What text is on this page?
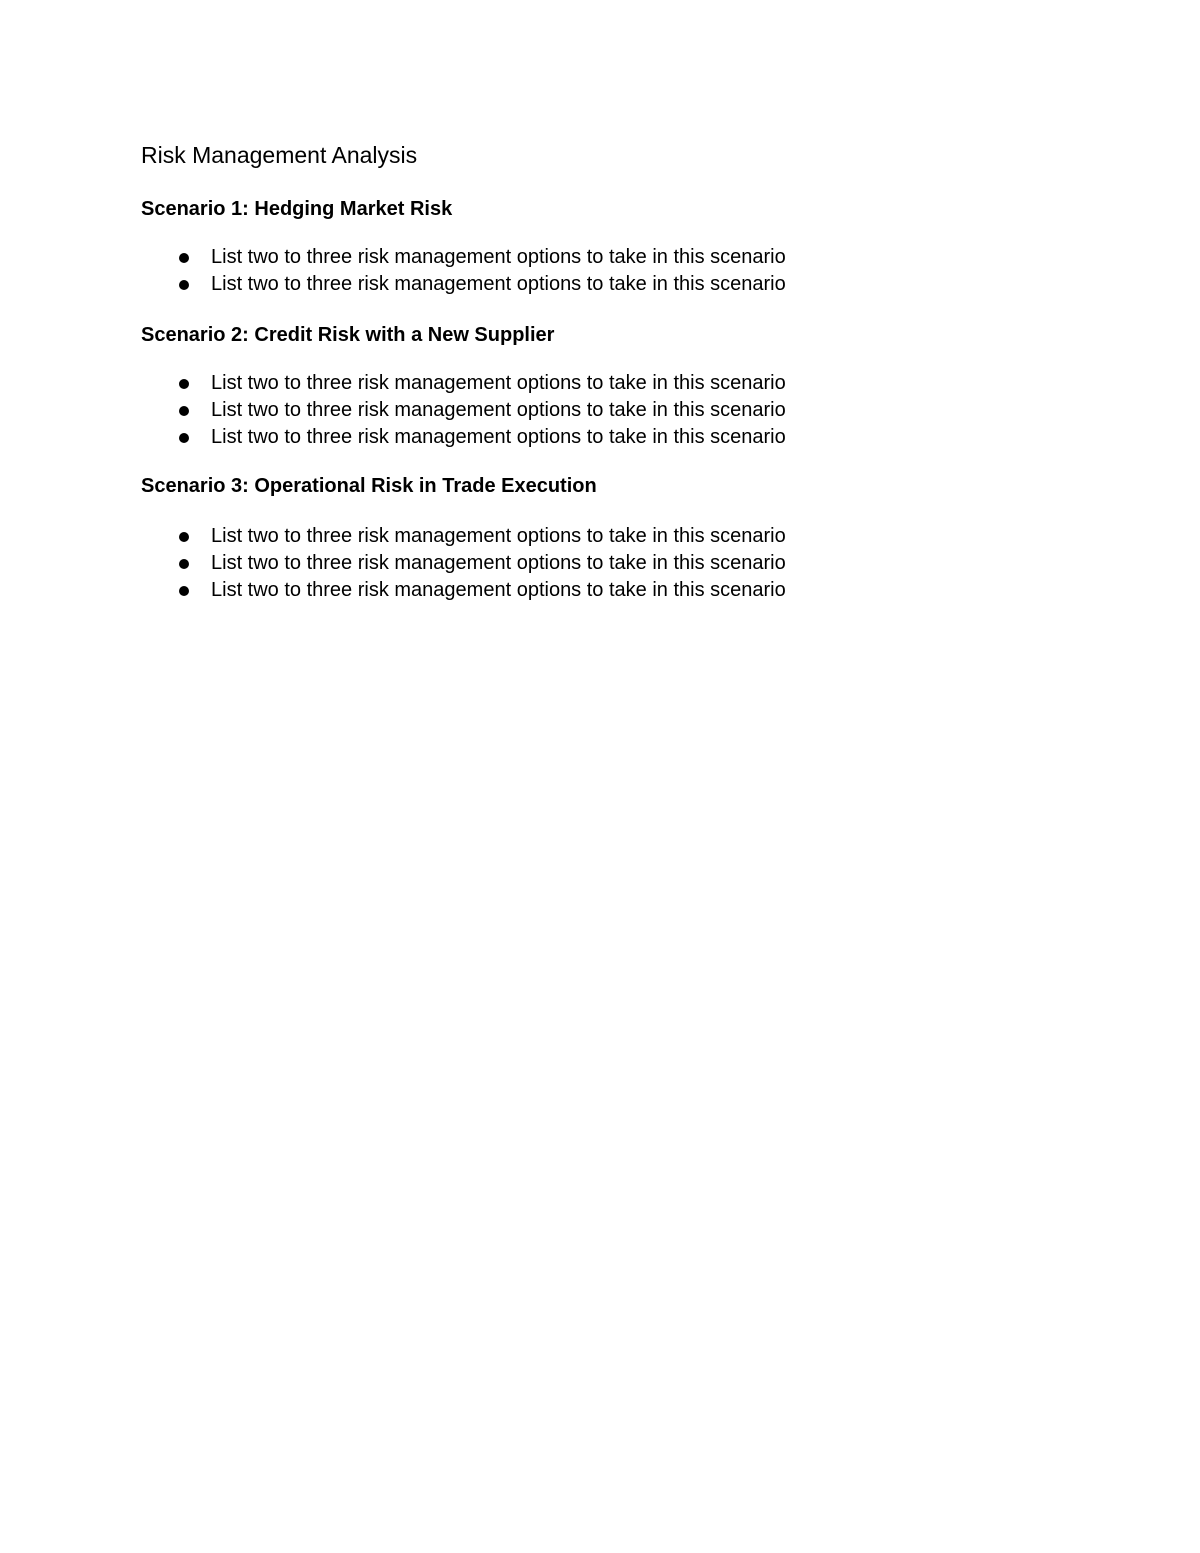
Risk Management Analysis
Scenario 1: Hedging Market Risk
List two to three risk management options to take in this scenario
List two to three risk management options to take in this scenario
Scenario 2: Credit Risk with a New Supplier
List two to three risk management options to take in this scenario
List two to three risk management options to take in this scenario
List two to three risk management options to take in this scenario
Scenario 3: Operational Risk in Trade Execution
List two to three risk management options to take in this scenario
List two to three risk management options to take in this scenario
List two to three risk management options to take in this scenario
